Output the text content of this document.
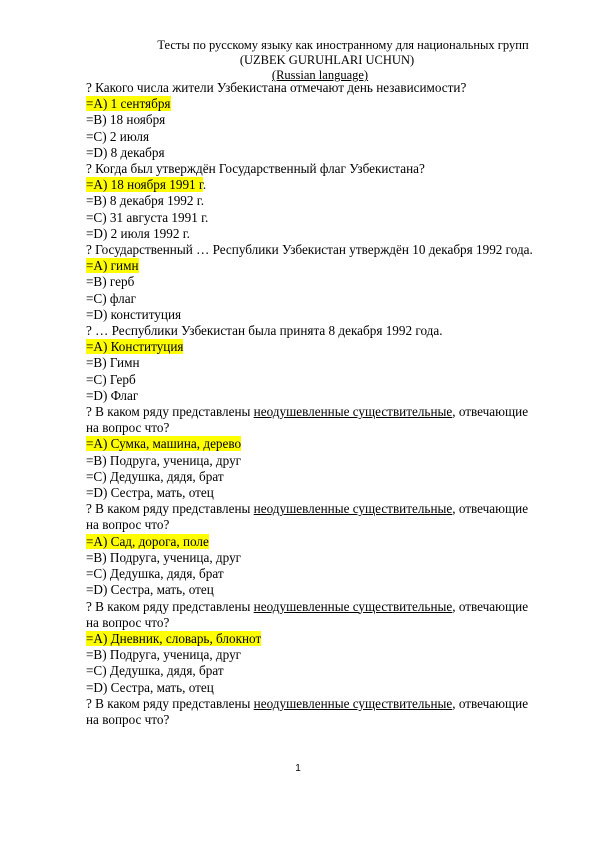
Тесты по русскому языку как иностранному для национальных групп
(UZBEK GURUHLARI UCHUN)
(Russian language)
? Какого числа жители Узбекистана отмечают день независимости?
=A) 1 сентября
=B) 18 ноября
=C) 2 июля
=D) 8 декабря
? Когда был утверждён Государственный флаг Узбекистана?
=A) 18 ноября 1991 г.
=B) 8 декабря 1992 г.
=C) 31 августа 1991 г.
=D) 2 июля 1992 г.
? Государственный … Республики Узбекистан утверждён 10 декабря 1992 года.
=A) гимн
=B) герб
=C) флаг
=D) конституция
? … Республики Узбекистан была принята 8 декабря 1992 года.
=A) Конституция
=B) Гимн
=C) Герб
=D) Флаг
? В каком ряду представлены неодушевленные существительные, отвечающие на вопрос что?
=A) Сумка, машина, дерево
=B) Подруга, ученица, друг
=C) Дедушка, дядя, брат
=D) Сестра, мать, отец
? В каком ряду представлены неодушевленные существительные, отвечающие на вопрос что?
=A) Сад, дорога, поле
=B) Подруга, ученица, друг
=C) Дедушка, дядя, брат
=D) Сестра, мать, отец
? В каком ряду представлены неодушевленные существительные, отвечающие на вопрос что?
=A) Дневник, словарь, блокнот
=B) Подруга, ученица, друг
=C) Дедушка, дядя, брат
=D) Сестра, мать, отец
? В каком ряду представлены неодушевленные существительные, отвечающие на вопрос что?
1
